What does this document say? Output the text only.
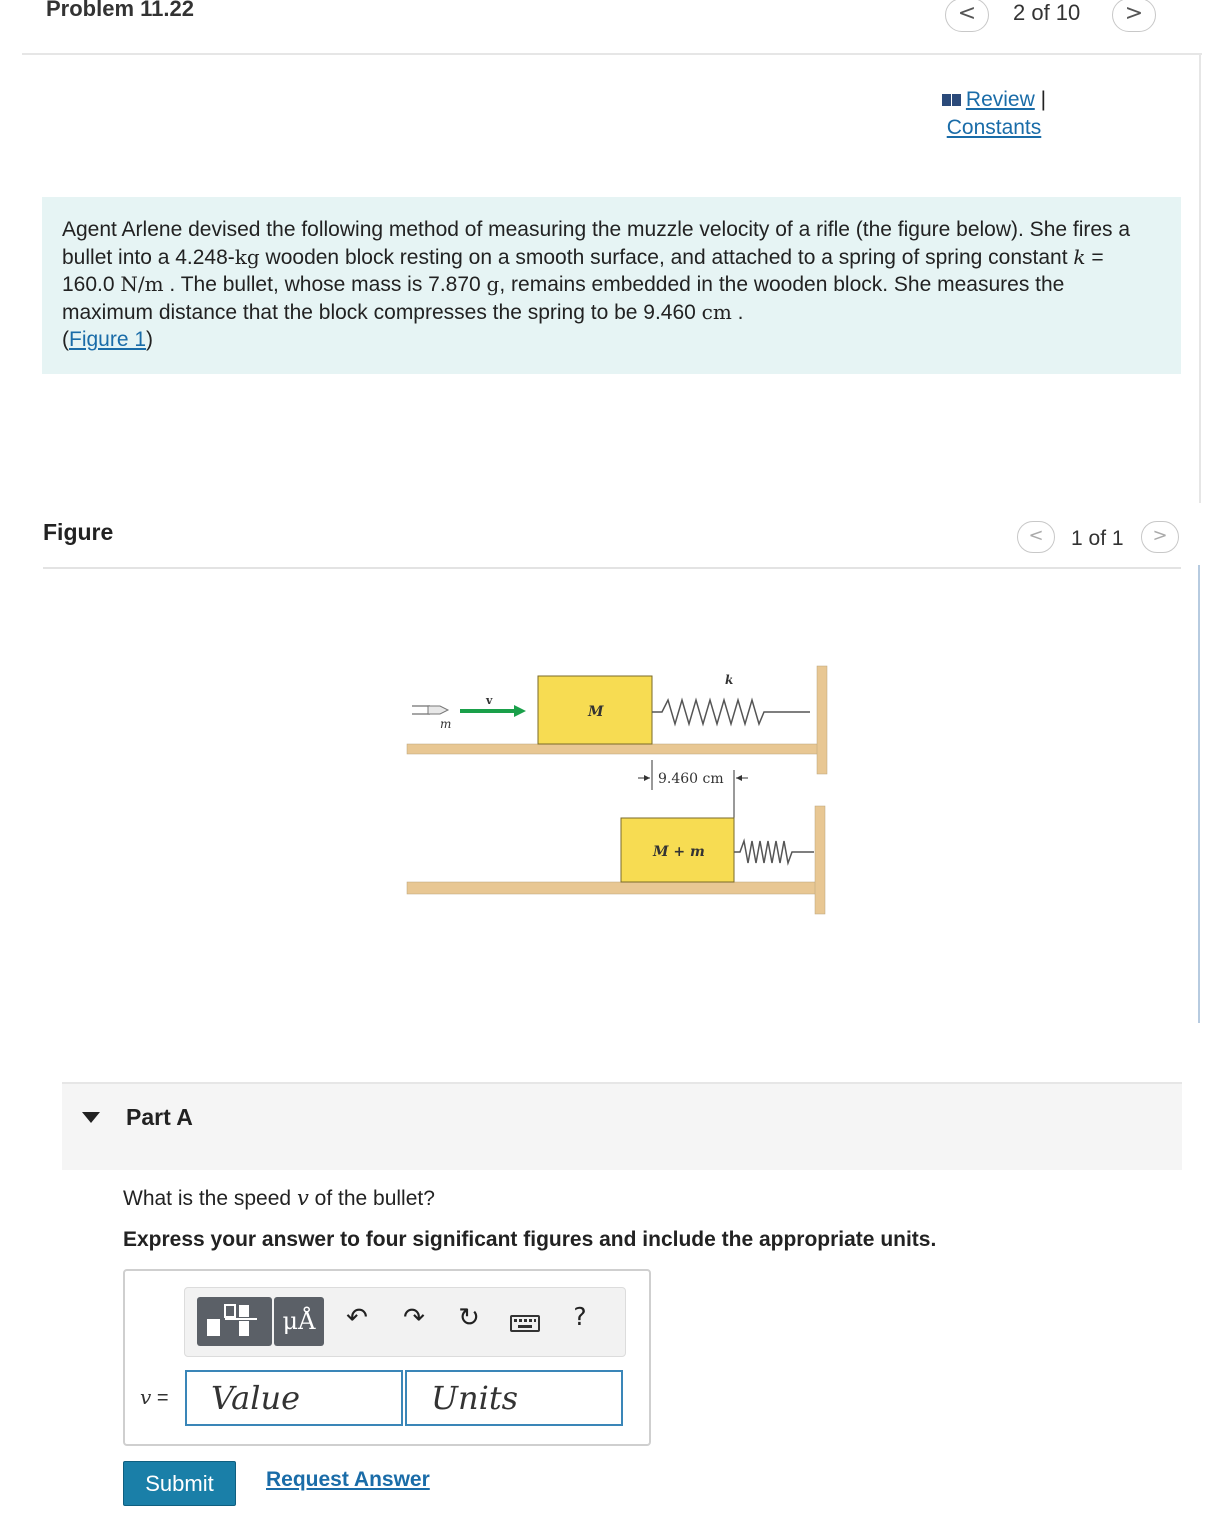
Problem 11.22	<	2 of 10	>
Review |
Constants
Agent Arlene devised the following method of measuring the muzzle velocity of a rifle (the figure below). She fires a bullet into a 4.248-kg wooden block resting on a smooth surface, and attached to a spring of spring constant k = 160.0 N/m . The bullet, whose mass is 7.870 g, remains embedded in the wooden block. She measures the maximum distance that the block compresses the spring to be 9.460 cm .
(Figure 1)
Figure	<	1 of 1	>
m
v
M
k
9.460 cm
M + m
Part A
What is the speed v of the bullet?
Express your answer to four significant figures and include the appropriate units.
μÅ	↶ ↷ ↻	?
v =
Value
Units
Submit	Request Answer
